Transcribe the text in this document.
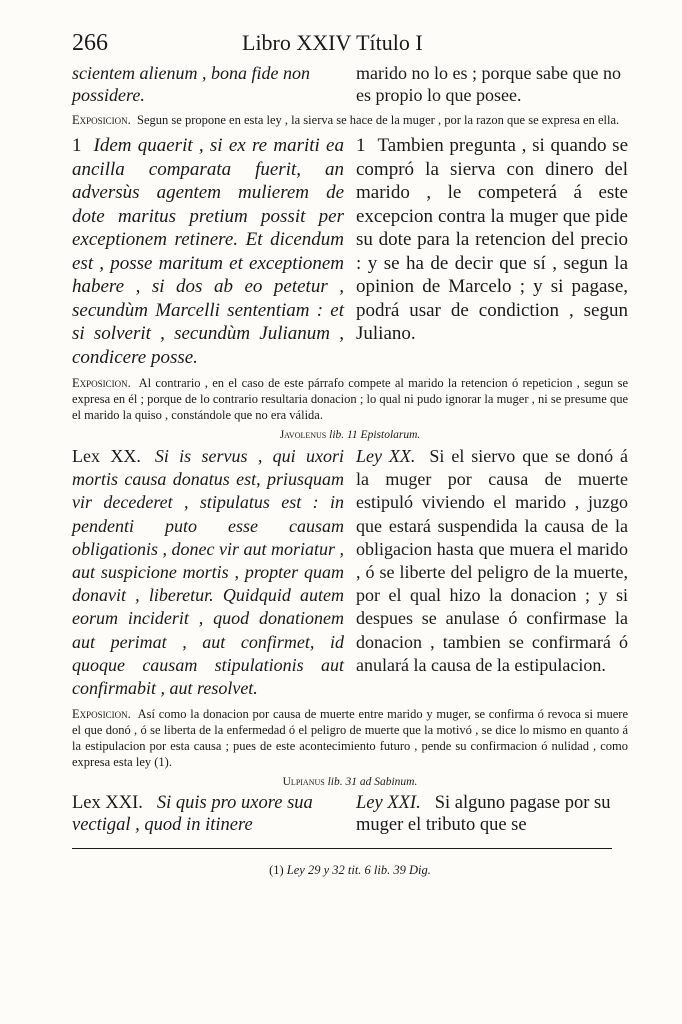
266	Libro XXIV Título I
scientem alienum , bona fide non possidere.
marido no lo es ; porque sabe que no es propio lo que posee.

Exposicion. Segun se propone en esta ley , la sierva se hace de la muger , por la razon que se expresa en ella.

1 Idem quaerit , si ex re mariti ea ancilla comparata fuerit, an adversùs agentem mulierem de dote maritus pretium possit per exceptionem retinere. Et dicendum est , posse maritum et exceptionem habere , si dos ab eo petetur , secundùm Marcelli sententiam : et si solverit , secundùm Julianum , condicere posse.
1 Tambien pregunta , si quando se compró la sierva con dinero del marido , le competerá á este excepcion contra la muger que pide su dote para la retencion del precio : y se ha de decir que sí , segun la opinion de Marcelo ; y si pagase, podrá usar de condiction , segun Juliano.

Exposicion. Al contrario , en el caso de este párrafo compete al marido la retencion ó repeticion , segun se expresa en él ; porque de lo contrario resultaria donacion ; lo qual ni pudo ignorar la muger , ni se presume que el marido la quiso , constándole que no era válida.

Javolenus lib. 11 Epistolarum.
Lex XX. Si is servus , qui uxori mortis causa donatus est, priusquam vir decederet , stipulatus est : in pendenti puto esse causam obligationis , donec vir aut moriatur , aut suspicione mortis , propter quam donavit , liberetur. Quidquid autem eorum inciderit , quod donationem aut perimat , aut confirmet, id quoque causam stipulationis aut confirmabit , aut resolvet.
Ley XX. Si el siervo que se donó á la muger por causa de muerte estipuló viviendo el marido , juzgo que estará suspendida la causa de la obligacion hasta que muera el marido , ó se liberte del peligro de la muerte, por el qual hizo la donacion ; y si despues se anulase ó confirmase la donacion , tambien se confirmará ó anulará la causa de la estipulacion.

Exposicion. Así como la donacion por causa de muerte entre marido y muger, se confirma ó revoca si muere el que donó , ó se liberta de la enfermedad ó el peligro de muerte que la motivó , se dice lo mismo en quanto á la estipulacion por esta causa ; pues de este acontecimiento futuro , pende su confirmacion ó nulidad , como expresa esta ley (1).

Ulpianus lib. 31 ad Sabinum.
Lex XXI. Si quis pro uxore sua vectigal , quod in itinere
Ley XXI. Si alguno pagase por su muger el tributo que se
(1) Ley 29 y 32 tit. 6 lib. 39 Dig.
